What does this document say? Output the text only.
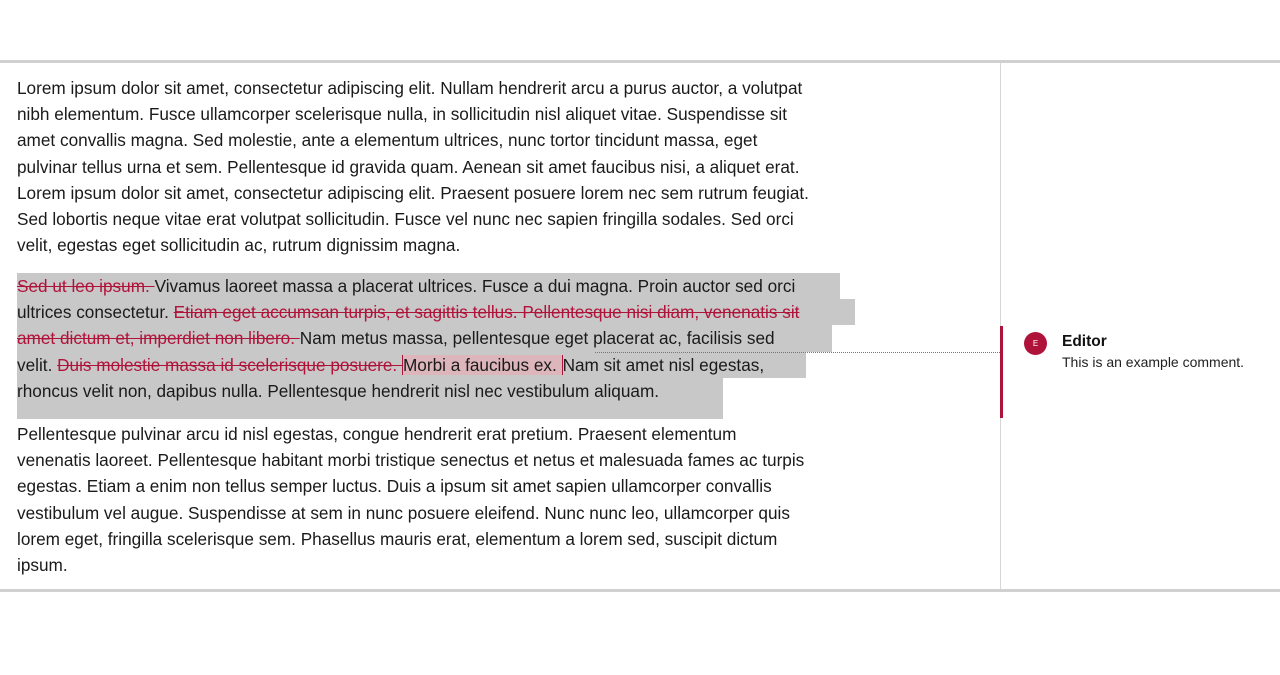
Lorem ipsum dolor sit amet, consectetur adipiscing elit. Nullam hendrerit arcu a purus auctor, a volutpat
nibh elementum. Fusce ullamcorper scelerisque nulla, in sollicitudin nisl aliquet vitae. Suspendisse sit
amet convallis magna. Sed molestie, ante a elementum ultrices, nunc tortor tincidunt massa, eget
pulvinar tellus urna et sem. Pellentesque id gravida quam. Aenean sit amet faucibus nisi, a aliquet erat.
Lorem ipsum dolor sit amet, consectetur adipiscing elit. Praesent posuere lorem nec sem rutrum feugiat.
Sed lobortis neque vitae erat volutpat sollicitudin. Fusce vel nunc nec sapien fringilla sodales. Sed orci
velit, egestas eget sollicitudin ac, rutrum dignissim magna.
Sed ut leo ipsum. Vivamus laoreet massa a placerat ultrices. Fusce a dui magna. Proin auctor sed orci
ultrices consectetur. Etiam eget accumsan turpis, et sagittis tellus. Pellentesque nisi diam, venenatis sit
amet dictum et, imperdiet non libero. Nam metus massa, pellentesque eget placerat ac, facilisis sed
velit. Duis molestie massa id scelerisque posuere. Morbi a faucibus ex. Nam sit amet nisl egestas,
rhoncus velit non, dapibus nulla. Pellentesque hendrerit nisl nec vestibulum aliquam.
Pellentesque pulvinar arcu id nisl egestas, congue hendrerit erat pretium. Praesent elementum
venenatis laoreet. Pellentesque habitant morbi tristique senectus et netus et malesuada fames ac turpis
egestas. Etiam a enim non tellus semper luctus. Duis a ipsum sit amet sapien ullamcorper convallis
vestibulum vel augue. Suspendisse at sem in nunc posuere eleifend. Nunc nunc leo, ullamcorper quis
lorem eget, fringilla scelerisque sem. Phasellus mauris erat, elementum a lorem sed, suscipit dictum
ipsum.
E	Editor
This is an example comment.
